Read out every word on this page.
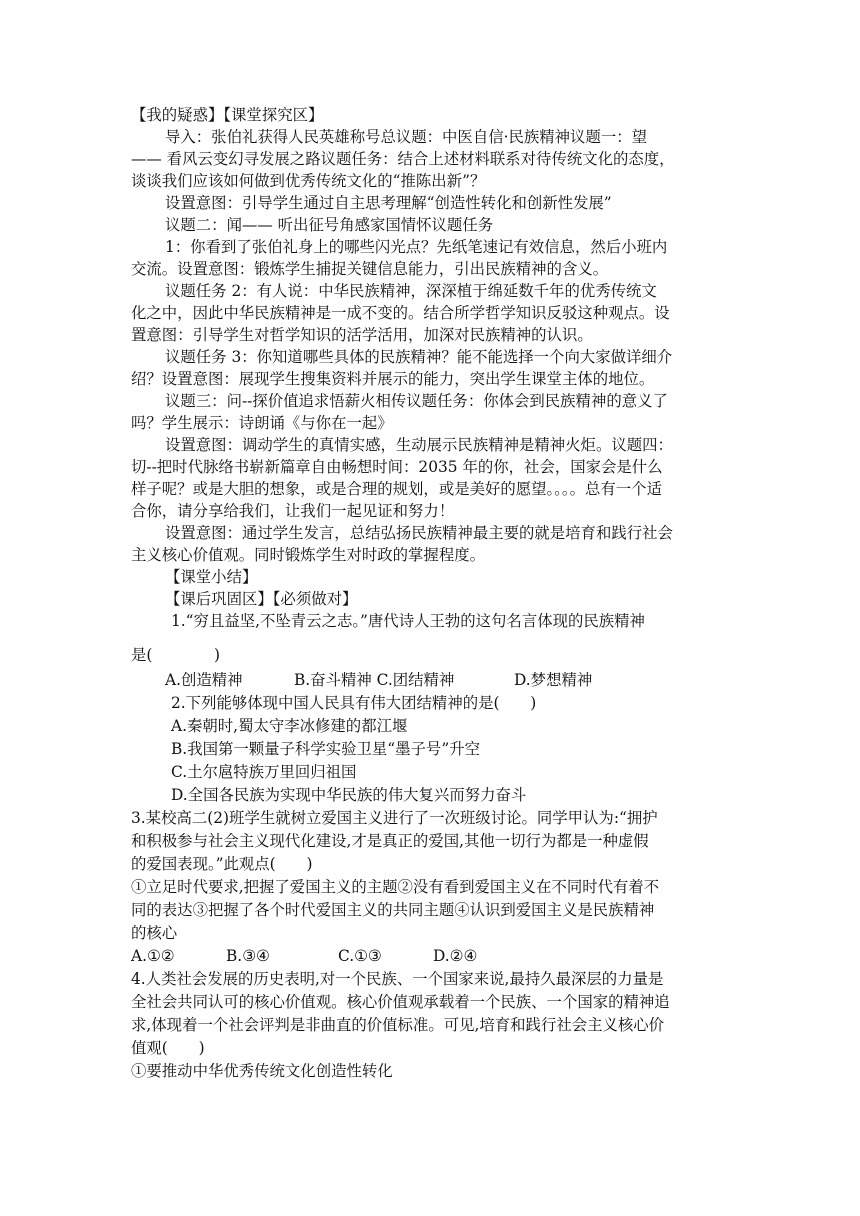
【我的疑惑】【课堂探究区】
导入：张伯礼获得人民英雄称号总议题：中医自信·民族精神议题一：望
—— 看风云变幻寻发展之路议题任务：结合上述材料联系对待传统文化的态度，
谈谈我们应该如何做到优秀传统文化的“推陈出新”？
设置意图：引导学生通过自主思考理解“创造性转化和创新性发展”
议题二：闻—— 听出征号角感家国情怀议题任务
1：你看到了张伯礼身上的哪些闪光点？先纸笔速记有效信息，然后小班内
交流。设置意图：锻炼学生捕捉关键信息能力，引出民族精神的含义。
议题任务 2：有人说：中华民族精神，深深植于绵延数千年的优秀传统文
化之中，因此中华民族精神是一成不变的。结合所学哲学知识反驳这种观点。设
置意图：引导学生对哲学知识的活学活用，加深对民族精神的认识。
议题任务 3：你知道哪些具体的民族精神？能不能选择一个向大家做详细介
绍？设置意图：展现学生搜集资料并展示的能力，突出学生课堂主体的地位。
议题三：问--探价值追求悟薪火相传议题任务：你体会到民族精神的意义了
吗？学生展示：诗朗诵《与你在一起》
设置意图：调动学生的真情实感，生动展示民族精神是精神火炬。议题四：
切--把时代脉络书崭新篇章自由畅想时间：2035 年的你，社会，国家会是什么
样子呢？或是大胆的想象，或是合理的规划，或是美好的愿望。。。。总有一个适
合你，请分享给我们，让我们一起见证和努力！
设置意图：通过学生发言，总结弘扬民族精神最主要的就是培育和践行社会
主义核心价值观。同时锻炼学生对时政的掌握程度。
【课堂小结】
【课后巩固区】【必须做对】
1.“穷且益坚,不坠青云之志。”唐代诗人王勃的这句名言体现的民族精神
是(　　　　)
A.创造精神	B.奋斗精神 C.团结精神	D.梦想精神
2.下列能够体现中国人民具有伟大团结精神的是(　　)
A.秦朝时,蜀太守李冰修建的都江堰
B.我国第一颗量子科学实验卫星“墨子号”升空
C.土尔扈特族万里回归祖国
D.全国各民族为实现中华民族的伟大复兴而努力奋斗
3.某校高二(2)班学生就树立爱国主义进行了一次班级讨论。同学甲认为:“拥护
和积极参与社会主义现代化建设,才是真正的爱国,其他一切行为都是一种虚假
的爱国表现。”此观点(　　)
①立足时代要求,把握了爱国主义的主题②没有看到爱国主义在不同时代有着不
同的表达③把握了各个时代爱国主义的共同主题④认识到爱国主义是民族精神
的核心
A.①②	B.③④	C.①③	D.②④
4.人类社会发展的历史表明,对一个民族、一个国家来说,最持久最深层的力量是
全社会共同认可的核心价值观。核心价值观承载着一个民族、一个国家的精神追
求,体现着一个社会评判是非曲直的价值标准。可见,培育和践行社会主义核心价
值观(　　)
①要推动中华优秀传统文化创造性转化
